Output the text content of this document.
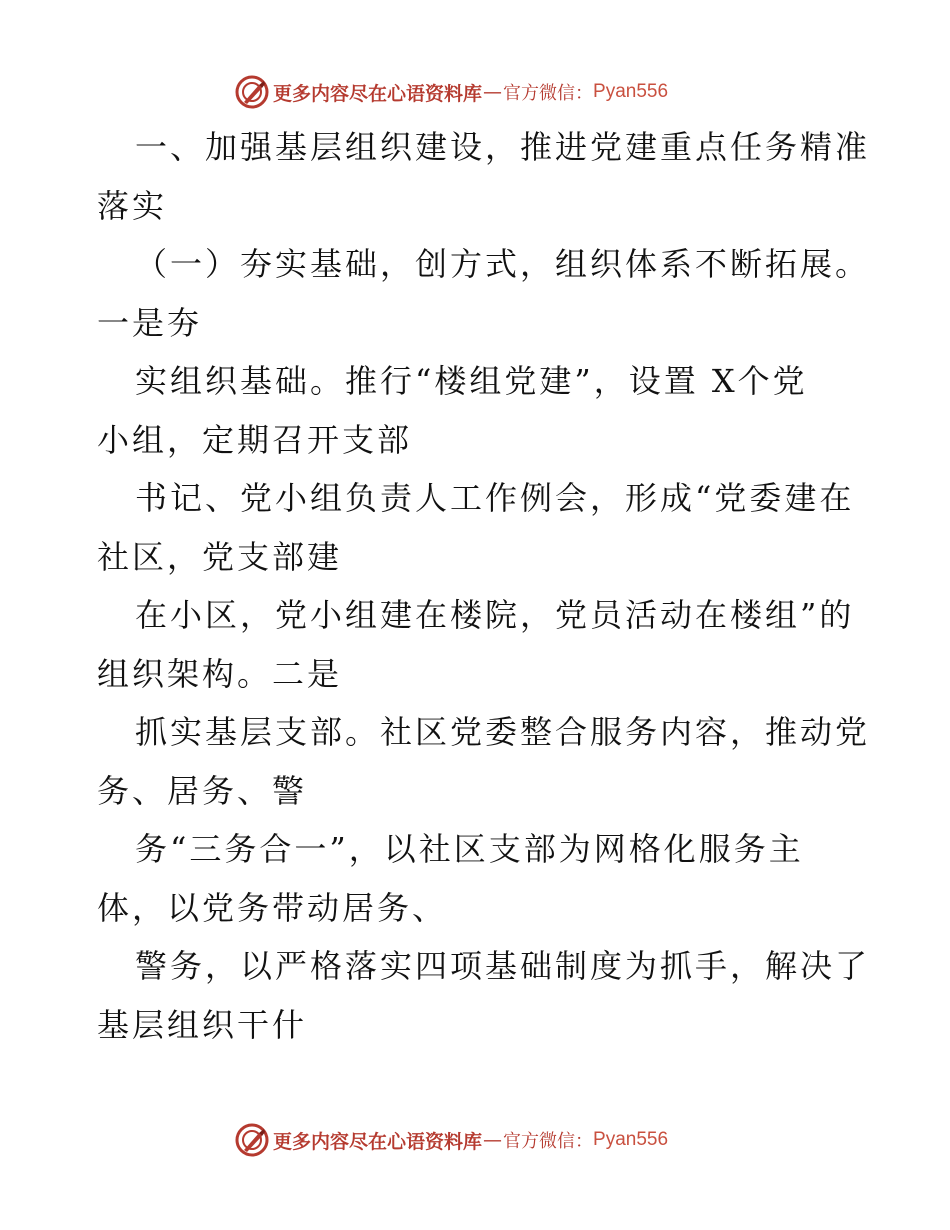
更多内容尽在心语资料库 — 官方微信： Pyan556
一、加强基层组织建设，推进党建重点任务精准
落实
（一）夯实基础，创方式，组织体系不断拓展。
一是夯
实组织基础。推行“楼组党建”，设置 X个党
小组，定期召开支部
书记、党小组负责人工作例会，形成“党委建在
社区，党支部建
在小区，党小组建在楼院，党员活动在楼组”的
组织架构。二是
抓实基层支部。社区党委整合服务内容，推动党
务、居务、警
务“三务合一”，以社区支部为网格化服务主
体，以党务带动居务、
警务，以严格落实四项基础制度为抓手，解决了
基层组织干什
更多内容尽在心语资料库 — 官方微信： Pyan556
